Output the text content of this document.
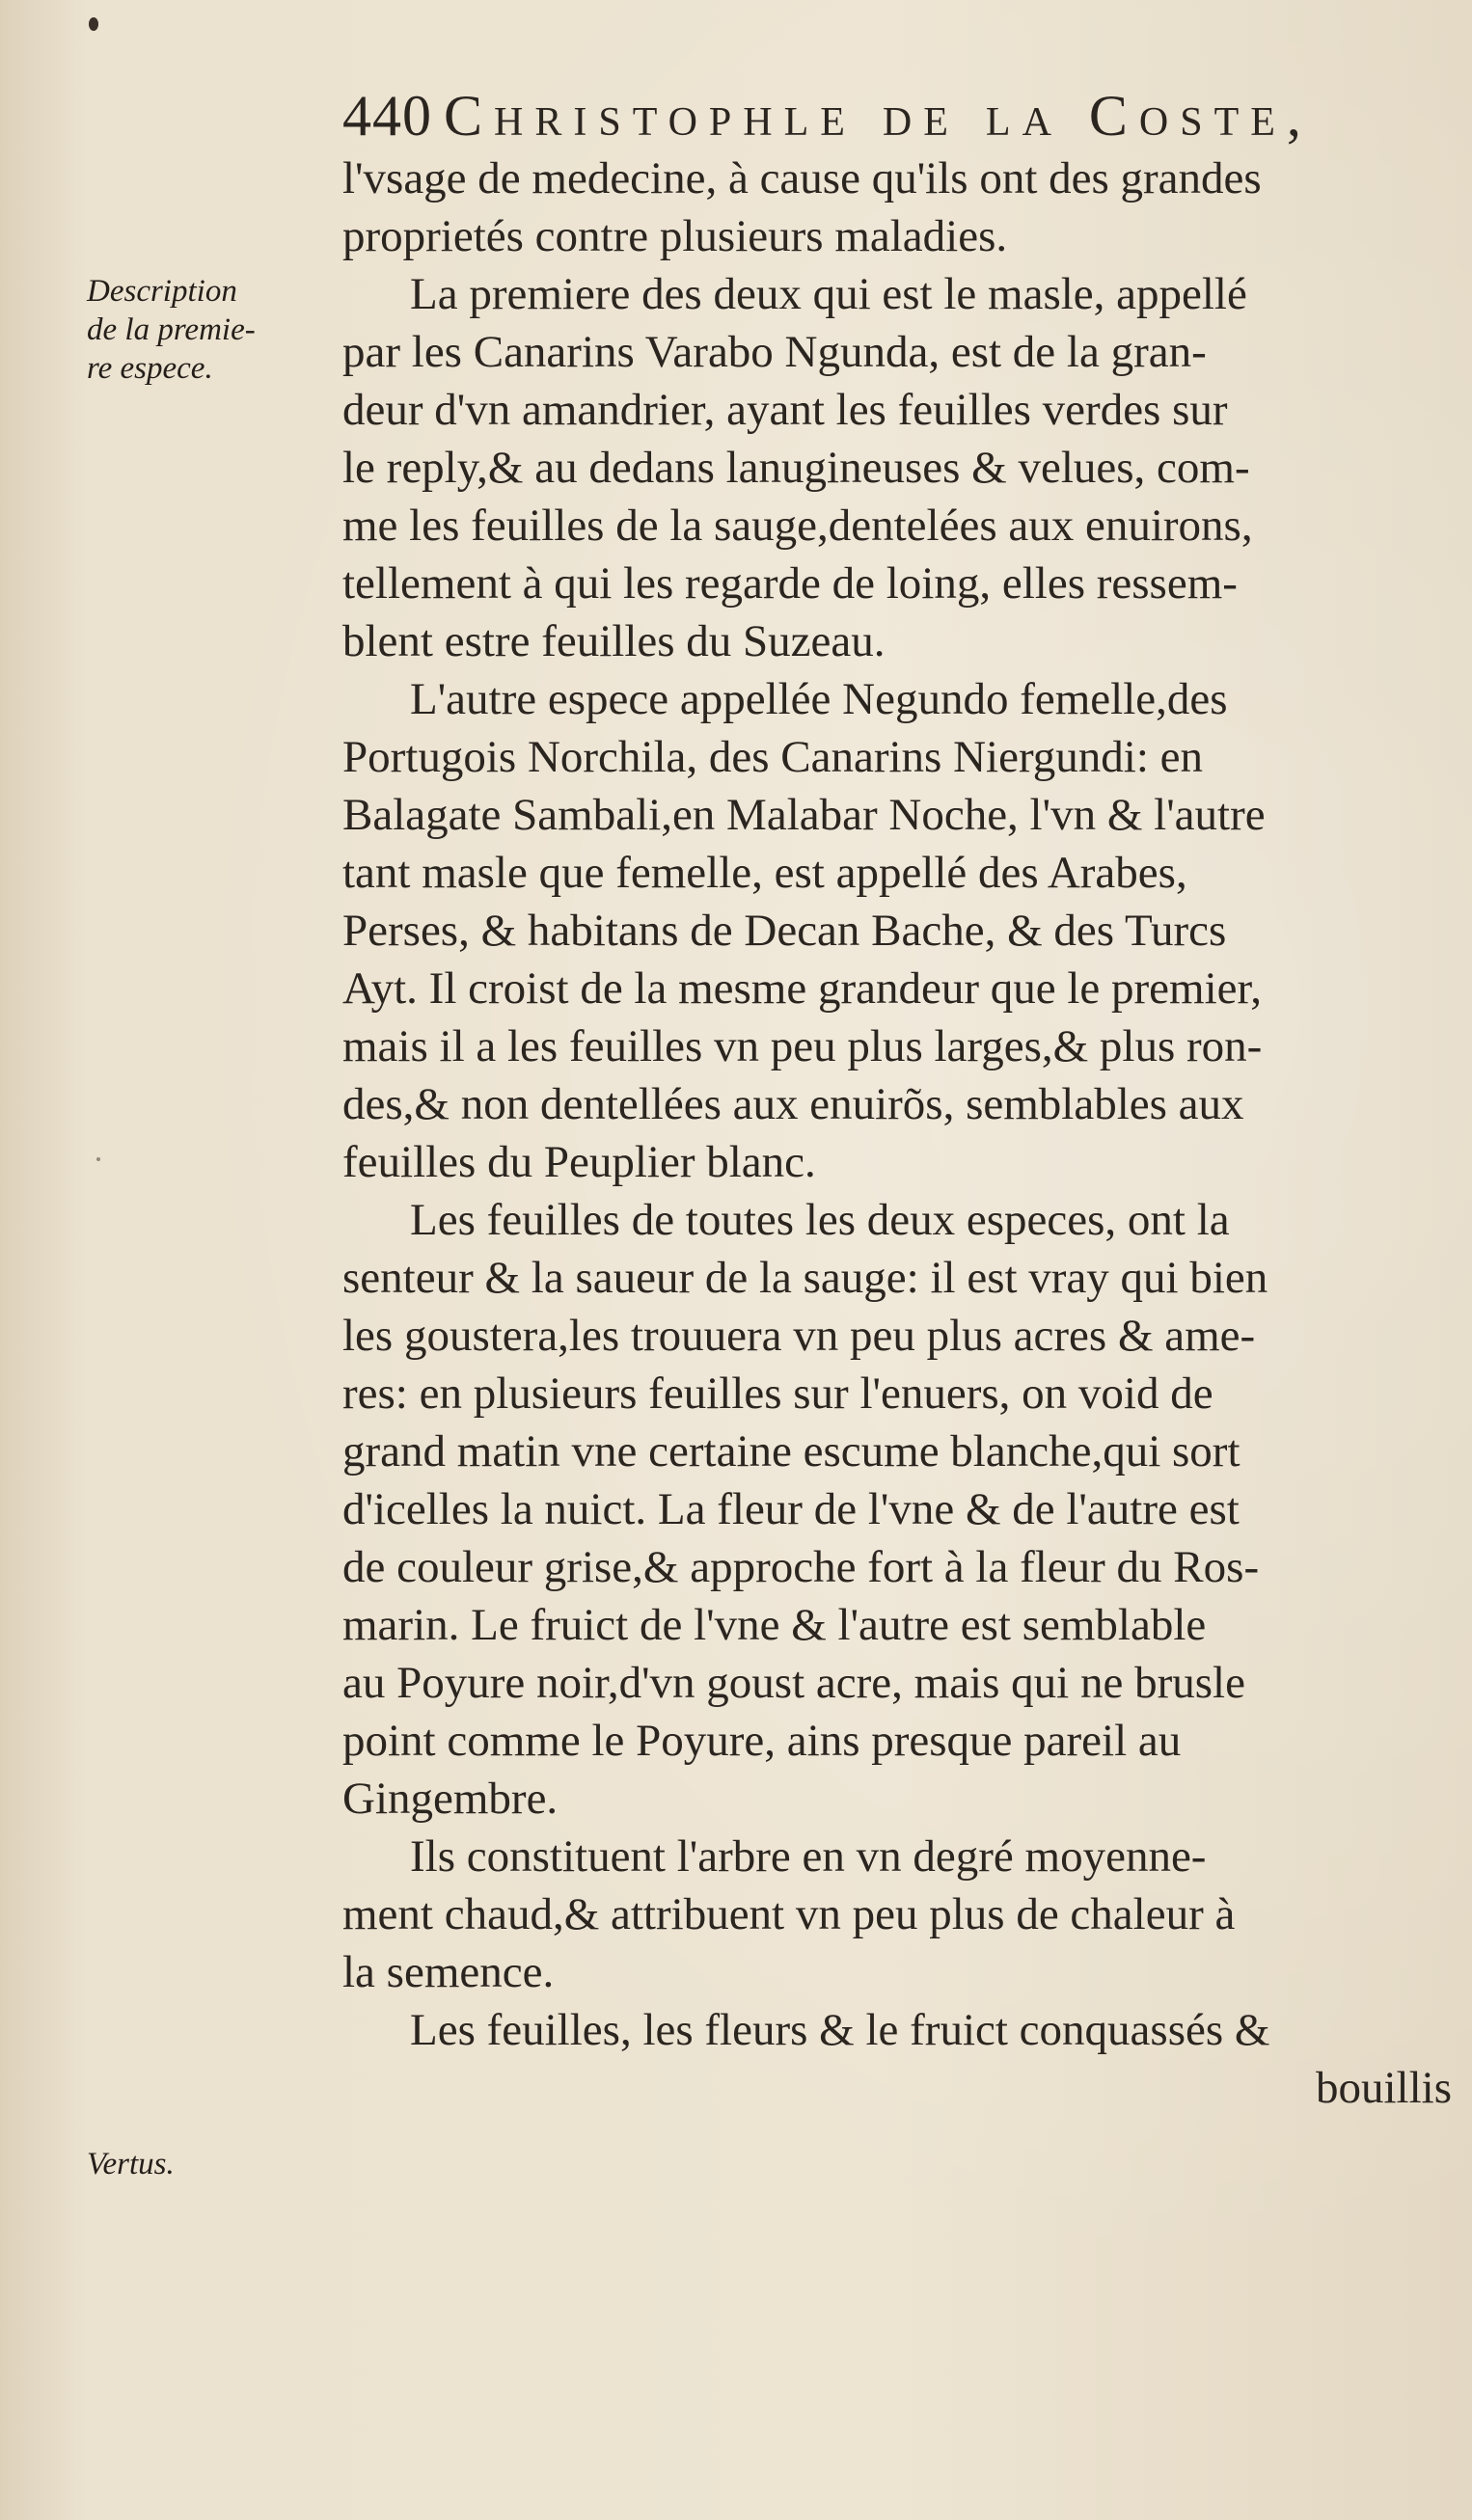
440 Christophle de la Coste,
Description
de la premie-
re espece.
Vertus.
l'vsage de medecine, à cause qu'ils ont des grandes
proprietés contre plusieurs maladies.
La premiere des deux qui est le masle, appellé
par les Canarins Varabo Ngunda, est de la gran-
deur d'vn amandrier, ayant les feuilles verdes sur
le reply,& au dedans lanugineuses & velues, com-
me les feuilles de la sauge,dentelées aux enuirons,
tellement à qui les regarde de loing, elles ressem-
blent estre feuilles du Suzeau.
L'autre espece appellée Negundo femelle,des
Portugois Norchila, des Canarins Niergundi: en
Balagate Sambali,en Malabar Noche, l'vn & l'autre
tant masle que femelle, est appellé des Arabes,
Perses, & habitans de Decan Bache, & des Turcs
Ayt. Il croist de la mesme grandeur que le premier,
mais il a les feuilles vn peu plus larges,& plus ron-
des,& non dentellées aux enuirõs, semblables aux
feuilles du Peuplier blanc.
Les feuilles de toutes les deux especes, ont la
senteur & la saueur de la sauge: il est vray qui bien
les goustera,les trouuera vn peu plus acres & ame-
res: en plusieurs feuilles sur l'enuers, on void de
grand matin vne certaine escume blanche,qui sort
d'icelles la nuict. La fleur de l'vne & de l'autre est
de couleur grise,& approche fort à la fleur du Ros-
marin. Le fruict de l'vne & l'autre est semblable
au Poyure noir,d'vn goust acre, mais qui ne brusle
point comme le Poyure, ains presque pareil au
Gingembre.
Ils constituent l'arbre en vn degré moyenne-
ment chaud,& attribuent vn peu plus de chaleur à
la semence.
Les feuilles, les fleurs & le fruict conquassés &
bouillis
